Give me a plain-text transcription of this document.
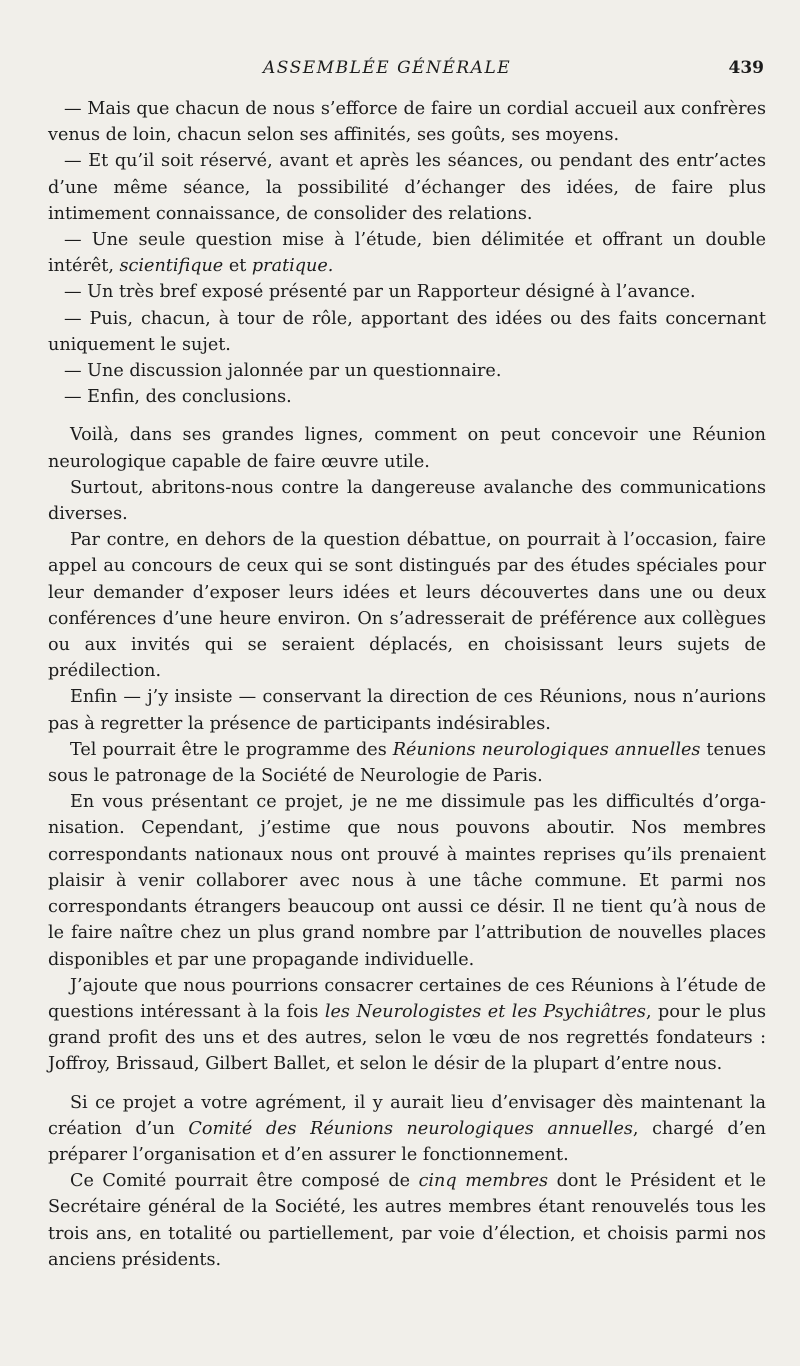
ASSEMBLÉE GÉNÉRALE	439

— Mais que chacun de nous s’efforce de faire un cordial accueil aux confrères venus de loin, chacun selon ses affinités, ses goûts, ses moyens.

— Et qu’il soit réservé, avant et après les séances, ou pendant des entr’actes d’une même séance, la possibilité d’échanger des idées, de faire plus intimement connaissance, de consolider des relations.

— Une seule question mise à l’étude, bien délimitée et offrant un double intérêt, scientifique et pratique.

— Un très bref exposé présenté par un Rapporteur désigné à l’avance.

— Puis, chacun, à tour de rôle, apportant des idées ou des faits concernant uniquement le sujet.

— Une discussion jalonnée par un questionnaire.

— Enfin, des conclusions.

Voilà, dans ses grandes lignes, comment on peut concevoir une Réunion neurologique capable de faire œuvre utile.

Surtout, abritons-nous contre la dangereuse avalanche des communications diverses.

Par contre, en dehors de la question débattue, on pourrait à l’occasion, faire appel au concours de ceux qui se sont distingués par des études spéciales pour leur demander d’exposer leurs idées et leurs découvertes dans une ou deux conférences d’une heure environ. On s’adresserait de préférence aux collègues ou aux invités qui se seraient déplacés, en choisissant leurs sujets de prédilection.

Enfin — j’y insiste — conservant la direction de ces Réunions, nous n’aurions pas à regretter la présence de participants indésirables.

Tel pourrait être le programme des Réunions neurologiques annuelles tenues sous le patronage de la Société de Neurologie de Paris.

En vous présentant ce projet, je ne me dissimule pas les difficultés d’organisation. Cependant, j’estime que nous pouvons aboutir. Nos membres correspondants nationaux nous ont prouvé à maintes reprises qu’ils prenaient plaisir à venir collaborer avec nous à une tâche commune. Et parmi nos correspondants étrangers beaucoup ont aussi ce désir. Il ne tient qu’à nous de le faire naître chez un plus grand nombre par l’attribution de nouvelles places disponibles et par une propagande individuelle.

J’ajoute que nous pourrions consacrer certaines de ces Réunions à l’étude de questions intéressant à la fois les Neurologistes et les Psychiâtres, pour le plus grand profit des uns et des autres, selon le vœu de nos regrettés fondateurs : Joffroy, Brissaud, Gilbert Ballet, et selon le désir de la plupart d’entre nous.

Si ce projet a votre agrément, il y aurait lieu d’envisager dès maintenant la création d’un Comité des Réunions neurologiques annuelles, chargé d’en préparer l’organisation et d’en assurer le fonctionnement.

Ce Comité pourrait être composé de cinq membres dont le Président et le Secrétaire général de la Société, les autres membres étant renouvelés tous les trois ans, en totalité ou partiellement, par voie d’élection, et choisis parmi nos anciens présidents.
